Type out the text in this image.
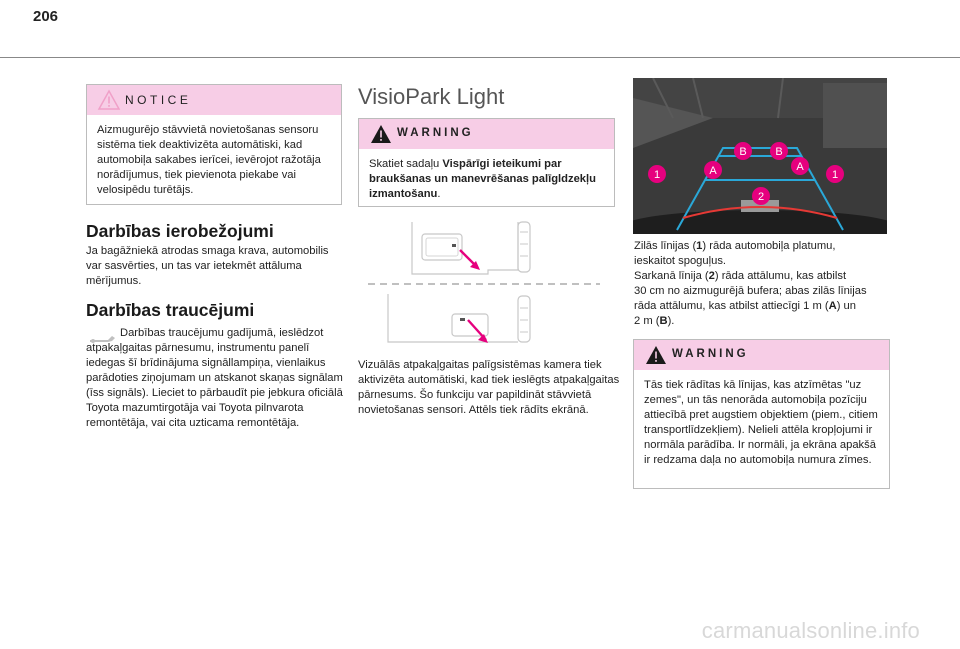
206
NOTICE
Aizmugurējo stāvvietā novietošanas sensoru sistēma tiek deaktivizēta automātiski, kad automobiļa sakabes ierīcei, ievērojot ražotāja norādījumus, tiek pievienota piekabe vai velosipēdu turētājs.
Darbības ierobežojumi
Ja bagāžniekā atrodas smaga krava, automobilis var sasvērties, un tas var ietekmēt attāluma mērījumus.
Darbības traucējumi
Darbības traucējumu gadījumā, ieslēdzot atpakaļgaitas pārnesumu, instrumentu panelī iedegas šī brīdinājuma signāllampiņa, vienlaikus parādoties ziņojumam un atskanot skaņas signālam (īss signāls). Lieciet to pārbaudīt pie jebkura oficiālā Toyota mazumtirgotāja vai Toyota pilnvarota remontētāja, vai cita uzticama remontētāja.
VisioPark Light
WARNING
Skatiet sadaļu Vispārīgi ieteikumi par braukšanas un manevrēšanas palīgldzekļu izmantošanu.
Vizuālās atpakaļgaitas palīgsistēmas kamera tiek aktivizēta automātiski, kad tiek ieslēgts atpakaļgaitas pārnesums. Šo funkciju var papildināt stāvvietā novietošanas sensori. Attēls tiek rādīts ekrānā.
1	A
B	B
A
1
2
Zilās līnijas (1) rāda automobiļa platumu,
ieskaitot spoguļus.
Sarkanā līnija (2) rāda attālumu, kas atbilst
30 cm no aizmugurējā bufera; abas zilās līnijas
rāda attālumu, kas atbilst attiecīgi 1 m (A) un
2 m (B).
WARNING
Tās tiek rādītas kā līnijas, kas atzīmētas "uz zemes", un tās nenorāda automobiļa pozīciju attiecībā pret augstiem objektiem (piem., citiem transportlīdzekļiem). Nelieli attēla kropļojumi ir normāla parādība. Ir normāli, ja ekrāna apakšā ir redzama daļa no automobiļa numura zīmes.
carmanualsonline.info
